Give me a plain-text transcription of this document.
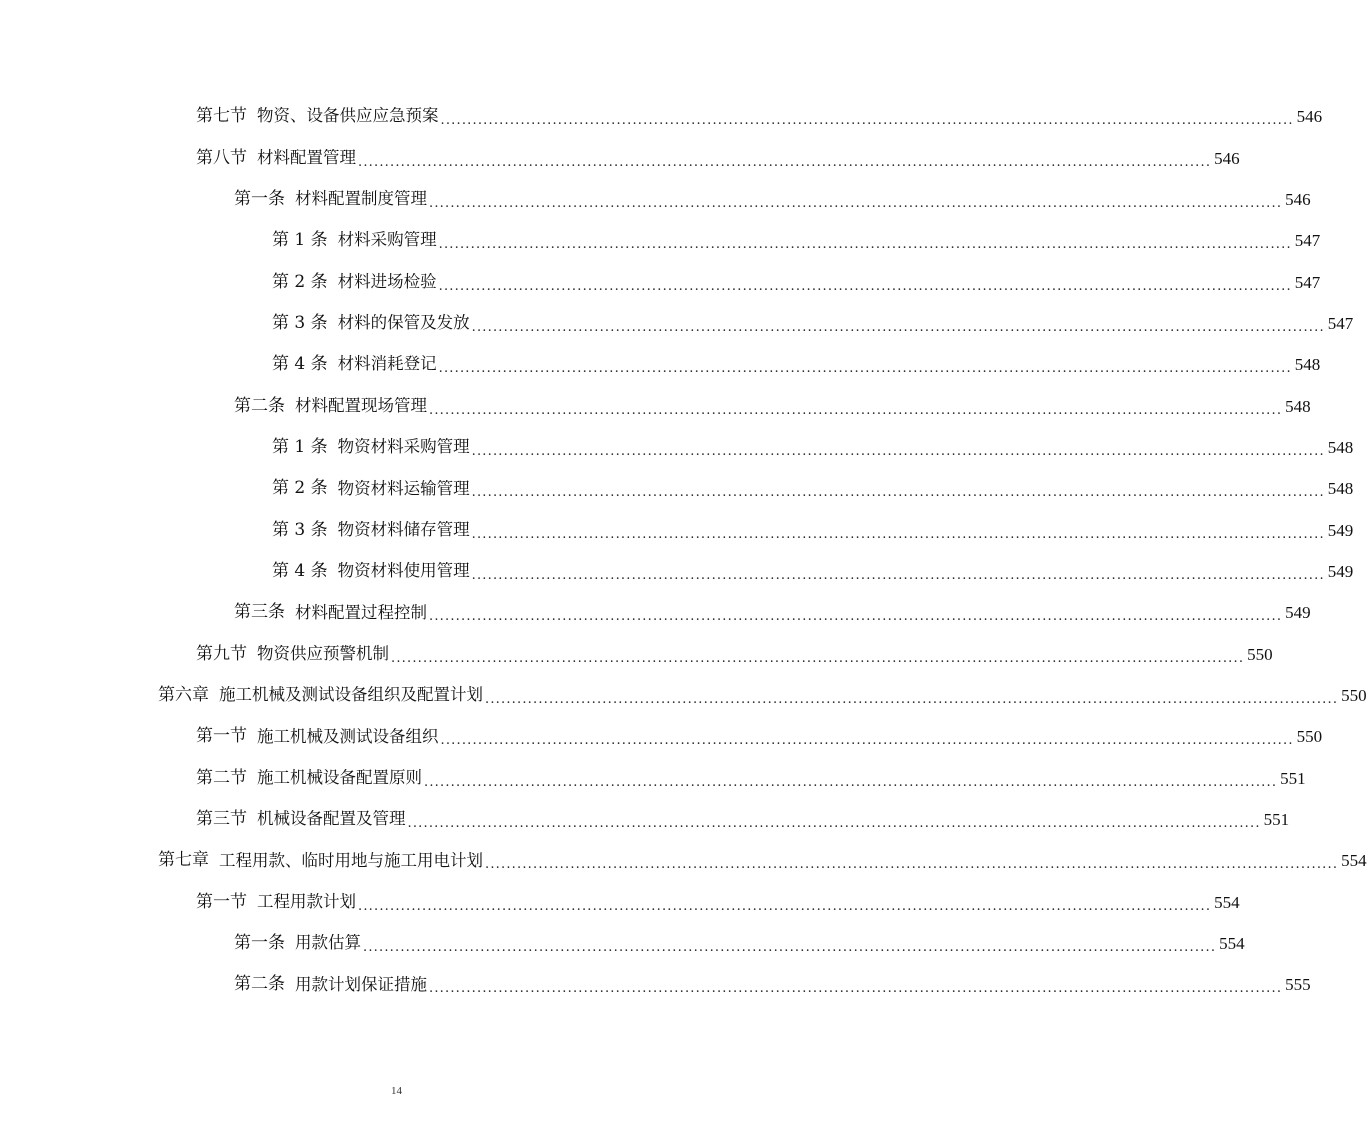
第七节 物资、设备供应应急预案 ................................................................................................................................................................ 546
第八节 材料配置管理 ................................................................................................................................................................ 546
第一条 材料配置制度管理 ................................................................................................................................................................ 546
第 1 条 材料采购管理 ................................................................................................................................................................ 547
第 2 条 材料进场检验 ................................................................................................................................................................ 547
第 3 条 材料的保管及发放 ................................................................................................................................................................ 547
第 4 条 材料消耗登记 ................................................................................................................................................................ 548
第二条 材料配置现场管理 ................................................................................................................................................................ 548
第 1 条 物资材料采购管理 ................................................................................................................................................................ 548
第 2 条 物资材料运输管理 ................................................................................................................................................................ 548
第 3 条 物资材料储存管理 ................................................................................................................................................................ 549
第 4 条 物资材料使用管理 ................................................................................................................................................................ 549
第三条 材料配置过程控制 ................................................................................................................................................................ 549
第九节 物资供应预警机制 ................................................................................................................................................................ 550
第六章 施工机械及测试设备组织及配置计划 ................................................................................................................................................................ 550
第一节 施工机械及测试设备组织 ................................................................................................................................................................ 550
第二节 施工机械设备配置原则 ................................................................................................................................................................ 551
第三节 机械设备配置及管理 ................................................................................................................................................................ 551
第七章 工程用款、临时用地与施工用电计划 ................................................................................................................................................................ 554
第一节 工程用款计划 ................................................................................................................................................................ 554
第一条 用款估算 ................................................................................................................................................................ 554
第二条 用款计划保证措施 ................................................................................................................................................................ 555
14
